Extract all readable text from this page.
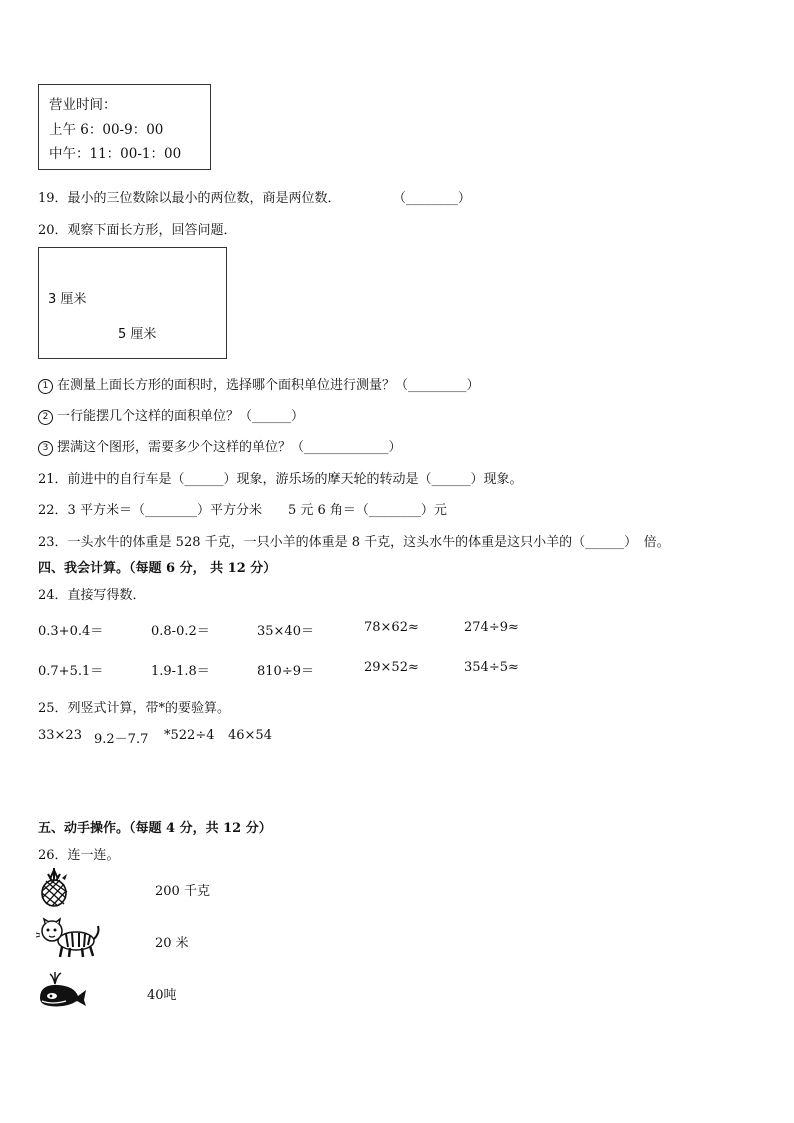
营业时间：
上午 6：00-9：00
中午：11：00-1：00
19．最小的三位数除以最小的两位数，商是两位数．	（________）
20．观察下面长方形，回答问题．
3 厘米
5 厘米
1 在测量上面长方形的面积时，选择哪个面积单位进行测量？（_________）
2 一行能摆几个这样的面积单位？（______）
3 摆满这个图形，需要多少个这样的单位？（_____________）
21．前进中的自行车是（______）现象，游乐场的摩天轮的转动是（______）现象。
22．3 平方米＝（________）平方分米　　5 元 6 角＝（________）元
23．一头水牛的体重是 528 千克，一只小羊的体重是 8 千克，这头水牛的体重是这只小羊的（______）　倍。
四、我会计算。（每题 6 分， 共 12 分）
24．直接写得数．
0.3+0.4＝	0.8-0.2＝	35×40＝	78×62≈	274÷9≈
0.7+5.1＝	1.9-1.8＝	810÷9＝	29×52≈	354÷5≈
25．列竖式计算，带*的要验算。
33×23 9.2－7.7 *522÷4 46×54
五、动手操作。（每题 4 分，共 12 分）
26．连一连。
200 千克
20 米
40吨
